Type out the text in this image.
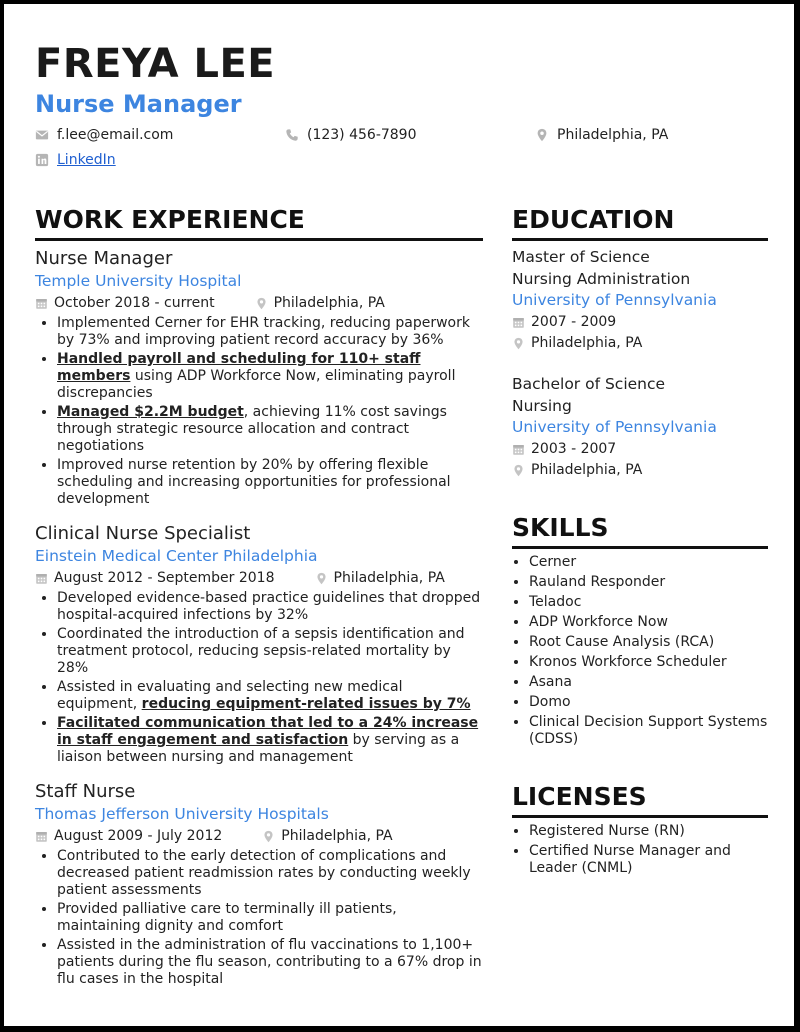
FREYA LEE
Nurse Manager
f.lee@email.com	(123) 456-7890	Philadelphia, PA
LinkedIn
WORK EXPERIENCE

Nurse Manager

Temple University Hospital

October 2018 - current	Philadelphia, PA
• Implemented Cerner for EHR tracking, reducing paperwork by 73% and improving patient record accuracy by 36%
• Handled payroll and scheduling for 110+ staff members using ADP Workforce Now, eliminating payroll discrepancies
• Managed $2.2M budget, achieving 11% cost savings through strategic resource allocation and contract negotiations
• Improved nurse retention by 20% by offering flexible scheduling and increasing opportunities for professional development

Clinical Nurse Specialist

Einstein Medical Center Philadelphia

August 2012 - September 2018	Philadelphia, PA
• Developed evidence-based practice guidelines that dropped hospital-acquired infections by 32%
• Coordinated the introduction of a sepsis identification and treatment protocol, reducing sepsis-related mortality by 28%
• Assisted in evaluating and selecting new medical equipment, reducing equipment-related issues by 7%
• Facilitated communication that led to a 24% increase in staff engagement and satisfaction by serving as a liaison between nursing and management

Staff Nurse

Thomas Jefferson University Hospitals

August 2009 - July 2012	Philadelphia, PA
• Contributed to the early detection of complications and decreased patient readmission rates by conducting weekly patient assessments
• Provided palliative care to terminally ill patients, maintaining dignity and comfort
• Assisted in the administration of flu vaccinations to 1,100+ patients during the flu season, contributing to a 67% drop in flu cases in the hospital
EDUCATION

Master of Science

Nursing Administration

University of Pennsylvania

2007 - 2009
Philadelphia, PA

Bachelor of Science

Nursing

University of Pennsylvania

2003 - 2007
Philadelphia, PA
SKILLS
• Cerner
• Rauland Responder
• Teladoc
• ADP Workforce Now
• Root Cause Analysis (RCA)
• Kronos Workforce Scheduler
• Asana
• Domo
• Clinical Decision Support Systems (CDSS)
LICENSES
• Registered Nurse (RN)
• Certified Nurse Manager and Leader (CNML)
